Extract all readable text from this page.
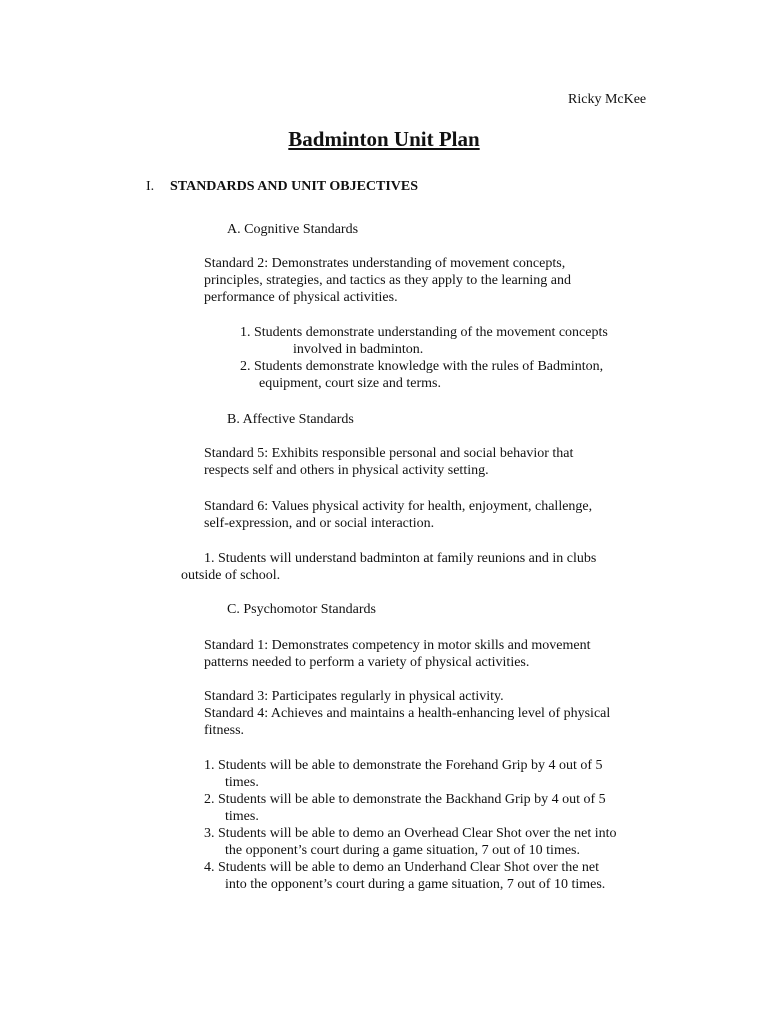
Ricky McKee
Badminton Unit Plan
I. STANDARDS AND UNIT OBJECTIVES
A. Cognitive Standards
Standard 2: Demonstrates understanding of movement concepts,
principles, strategies, and tactics as they apply to the learning and
performance of physical activities.
1. Students demonstrate understanding of the movement concepts
involved in badminton.
2. Students demonstrate knowledge with the rules of Badminton,
equipment, court size and terms.
B. Affective Standards
Standard 5: Exhibits responsible personal and social behavior that
respects self and others in physical activity setting.
Standard 6: Values physical activity for health, enjoyment, challenge,
self-expression, and or social interaction.
1. Students will understand badminton at family reunions and in clubs
outside of school.
C. Psychomotor Standards
Standard 1: Demonstrates competency in motor skills and movement
patterns needed to perform a variety of physical activities.
Standard 3: Participates regularly in physical activity.
Standard 4: Achieves and maintains a health-enhancing level of physical
fitness.
1. Students will be able to demonstrate the Forehand Grip by 4 out of 5
times.
2. Students will be able to demonstrate the Backhand Grip by 4 out of 5
times.
3. Students will be able to demo an Overhead Clear Shot over the net into
the opponent’s court during a game situation, 7 out of 10 times.
4. Students will be able to demo an Underhand Clear Shot over the net
into the opponent’s court during a game situation, 7 out of 10 times.
